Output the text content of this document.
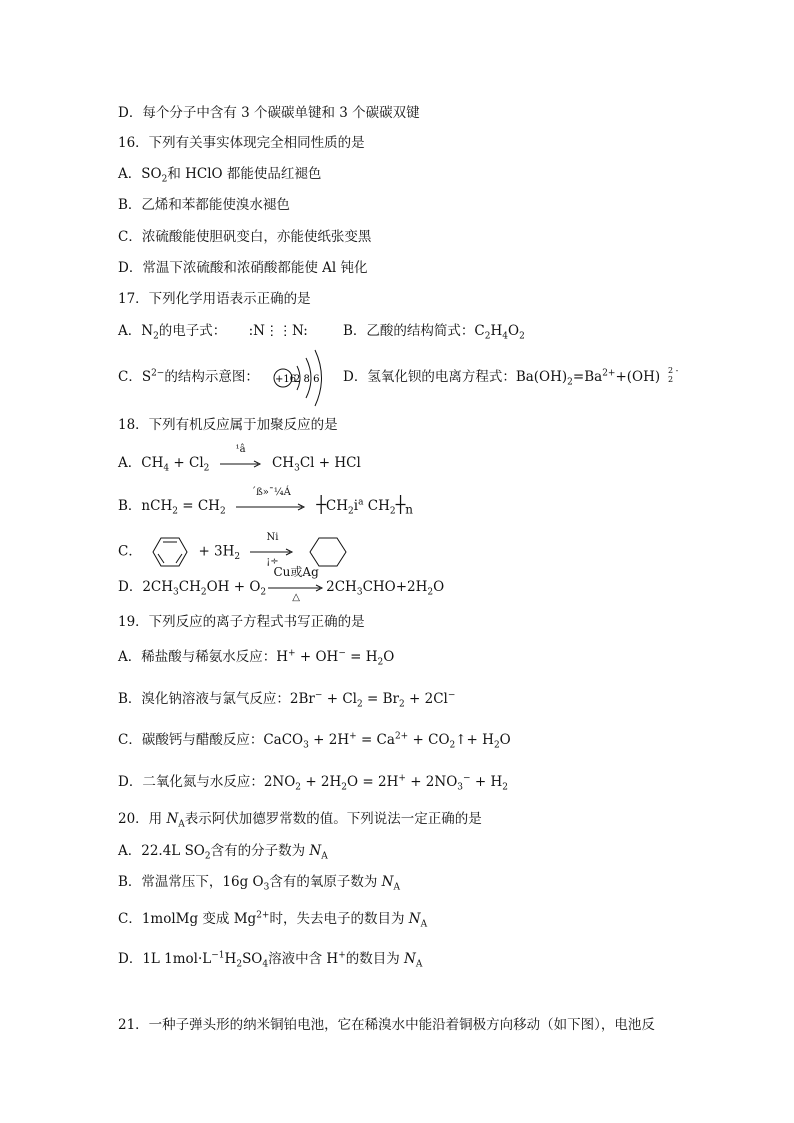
D．每个分子中含有 3 个碳碳单键和 3 个碳碳双键
16．下列有关事实体现完全相同性质的是
A．$SO_2$和 HClO 都能使品红褪色
B．乙烯和苯都能使溴水褪色
C．浓硫酸能使胆矾变白，亦能使纸张变黑
D．常温下浓硫酸和浓硝酸都能使 Al 钝化
17．下列化学用语表示正确的是
A．$N_2$的电子式： :N⋮⋮N:	B．乙酸的结构简式：$C_2H_4O_2$
C．$S^{2-}$的结构示意图： +16
2 8 6 D．氢氧化钡的电离方程式：$Ba(OH)_2=Ba^{2+}+(OH)$ 2 -
2
18．下列有机反应属于加聚反应的是
A．$CH_4 + Cl_2$
¹â
$CH_3Cl$ + HCl
B．$nCH_2 = CH_2$
´ß»¯¼Á
$┼CH_2i^a$ $CH_2┼_n$
C．	+ $3H_2$
Ni
¡÷

D．$2CH_3CH_2OH + O_2$
Cu或Ag
△
$2CH_3CHO+2H_2O$
19．下列反应的离子方程式书写正确的是
A．稀盐酸与稀氨水反应：$H^+ + OH^- = H_2O$
B．溴化钠溶液与氯气反应：$2Br^- + Cl_2 = Br_2 + 2Cl^-$
C．碳酸钙与醋酸反应：CaCO$_3$ + $2H^+ = Ca^{2+}$ + $CO_2↑+ H_2O$
D．二氧化氮与水反应：$2NO_2 + 2H_2O = 2H^+ + 2NO_3^- + H_2$
20．用 $N_A$表示阿伏加德罗常数的值。下列说法一定正确的是
A．22.4L $SO_2$含有的分子数为 $N_A$
B．常温常压下，16g $O_3$含有的氧原子数为 $N_A$
C．1molMg 变成 $Mg^{2+}$时，失去电子的数目为 $N_A$
D．1L $1mol\cdot L^{-1}H_2SO_4$溶液中含 H+的数目为 $N_A$
21．一种子弹头形的纳米铜铂电池，它在稀溴水中能沿着铜极方向移动（如下图），电池反
